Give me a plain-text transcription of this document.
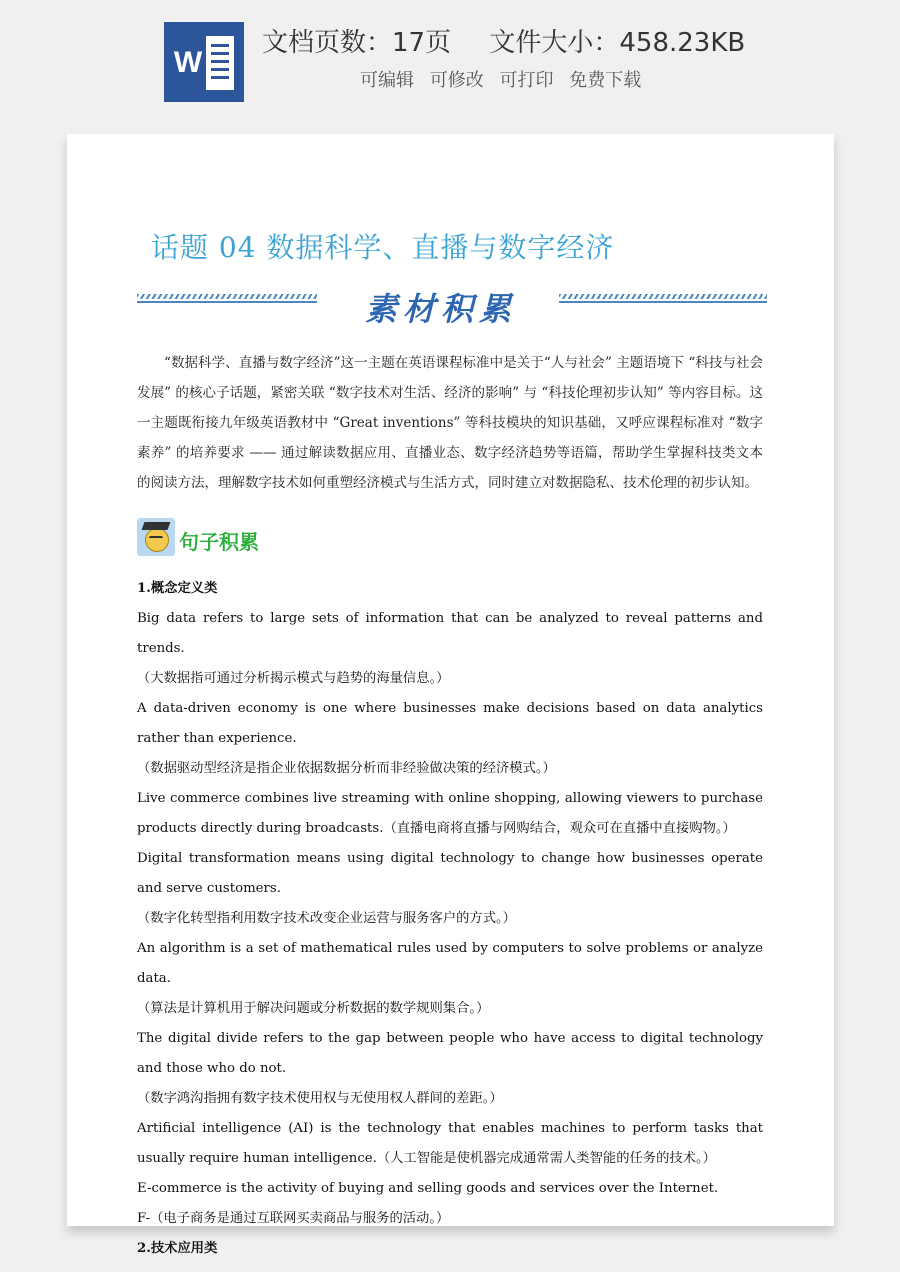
W
文档页数：17页 文件大小：458.23KB
可编辑 可修改 可打印 免费下载
话题 04 数据科学、直播与数字经济
素材积累

“数据科学、直播与数字经济”这一主题在英语课程标准中是关于“人与社会” 主题语境下 “科技与社会发展” 的核心子话题，紧密关联 “数字技术对生活、经济的影响” 与 “科技伦理初步认知” 等内容目标。这一主题既衔接九年级英语教材中 “Great inventions” 等科技模块的知识基础，又呼应课程标准对 “数字素养” 的培养要求 —— 通过解读数据应用、直播业态、数字经济趋势等语篇，帮助学生掌握科技类文本的阅读方法，理解数字技术如何重塑经济模式与生活方式，同时建立对数据隐私、技术伦理的初步认知。

句子积累

1.概念定义类

Big data refers to large sets of information that can be analyzed to reveal patterns and trends.

（大数据指可通过分析揭示模式与趋势的海量信息。）

A data-driven economy is one where businesses make decisions based on data analytics rather than experience.

（数据驱动型经济是指企业依据数据分析而非经验做决策的经济模式。）

Live commerce combines live streaming with online shopping, allowing viewers to purchase products directly during broadcasts.（直播电商将直播与网购结合，观众可在直播中直接购物。）

Digital transformation means using digital technology to change how businesses operate and serve customers.

（数字化转型指利用数字技术改变企业运营与服务客户的方式。）

An algorithm is a set of mathematical rules used by computers to solve problems or analyze data.

（算法是计算机用于解决问题或分析数据的数学规则集合。）

The digital divide refers to the gap between people who have access to digital technology and those who do not.

（数字鸿沟指拥有数字技术使用权与无使用权人群间的差距。）

Artificial intelligence (AI) is the technology that enables machines to perform tasks that usually require human intelligence.（人工智能是使机器完成通常需人类智能的任务的技术。）

E-commerce is the activity of buying and selling goods and services over the Internet.

F-（电子商务是通过互联网买卖商品与服务的活动。）

2.技术应用类
